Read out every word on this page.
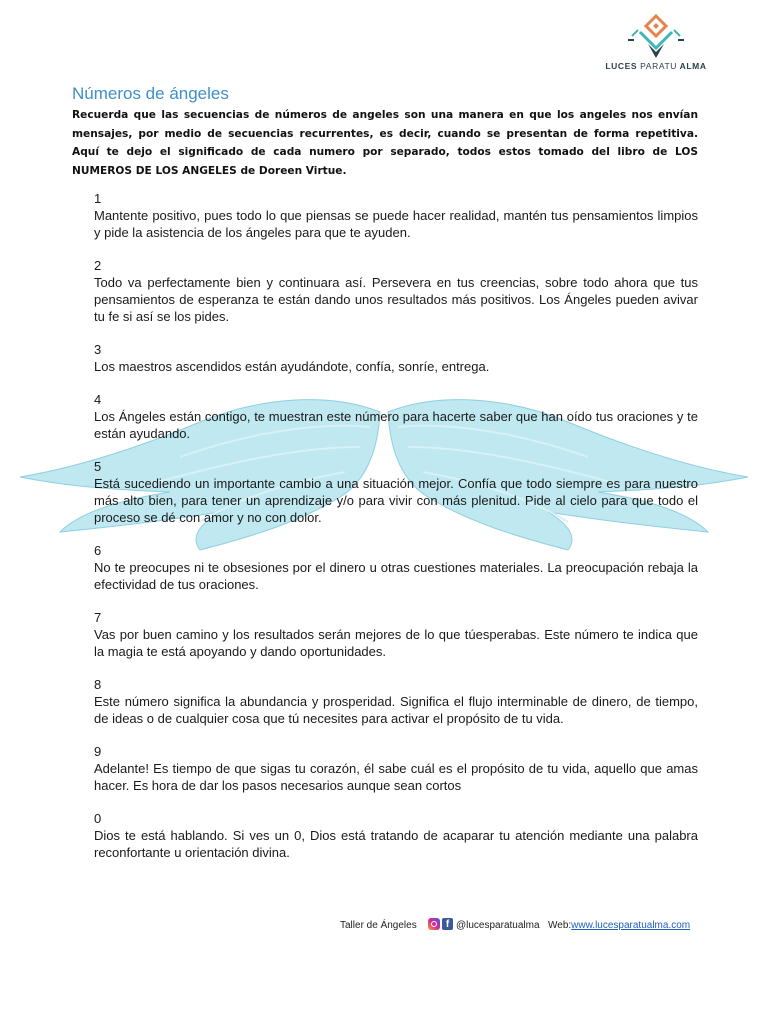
LUCES PARATU ALMA
Números de ángeles

Recuerda que las secuencias de números de angeles son una manera en que los angeles nos envían mensajes, por medio de secuencias recurrentes, es decir, cuando se presentan de forma repetitiva. Aquí te dejo el significado de cada numero por separado, todos estos tomado del libro de LOS NUMEROS DE LOS ANGELES de Doreen Virtue.

1

Mantente positivo, pues todo lo que piensas se puede hacer realidad, mantén tus pensamientos limpios y pide la asistencia de los ángeles para que te ayuden.

2

Todo va perfectamente bien y continuara así. Persevera en tus creencias, sobre todo ahora que tus pensamientos de esperanza te están dando unos resultados más positivos. Los Ángeles pueden avivar tu fe si así se los pides.

3

Los maestros ascendidos están ayudándote, confía, sonríe, entrega.

4

Los Ángeles están contigo, te muestran este número para hacerte saber que han oído tus oraciones y te están ayudando.

5

Está sucediendo un importante cambio a una situación mejor. Confía que todo siempre es para nuestro más alto bien, para tener un aprendizaje y/o para vivir con más plenitud. Pide al cielo para que todo el proceso se dé con amor y no con dolor.

6

No te preocupes ni te obsesiones por el dinero u otras cuestiones materiales. La preocupación rebaja la efectividad de tus oraciones.

7

Vas por buen camino y los resultados serán mejores de lo que túesperabas. Este número te indica que la magia te está apoyando y dando oportunidades.

8

Este número significa la abundancia y prosperidad. Significa el flujo interminable de dinero, de tiempo, de ideas o de cualquier cosa que tú necesites para activar el propósito de tu vida.

9

Adelante! Es tiempo de que sigas tu corazón, él sabe cuál es el propósito de tu vida, aquello que amas hacer. Es hora de dar los pasos necesarios aunque sean cortos

0

Dios te está hablando. Si ves un 0, Dios está tratando de acaparar tu atención mediante una palabra reconfortante u orientación divina.

Taller de Ángeles	f @lucesparatualma Web:www.lucesparatualma.com
